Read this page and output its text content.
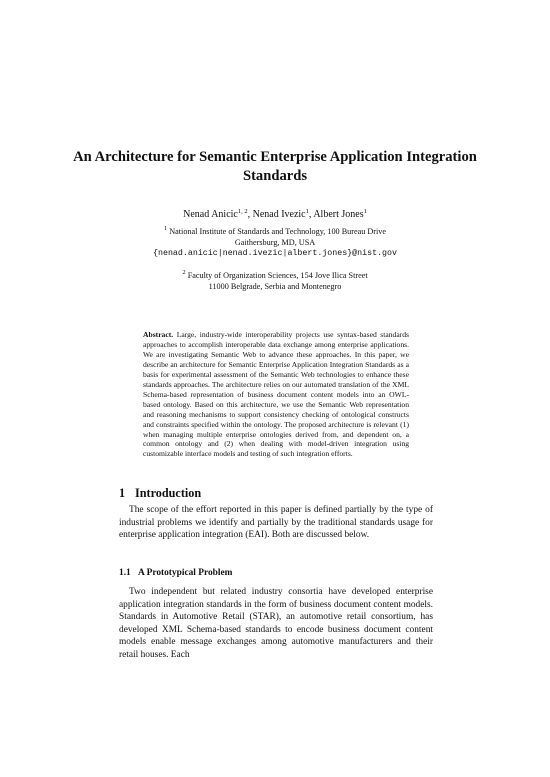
An Architecture for Semantic Enterprise Application Integration Standards
Nenad Anicic$^{1, 2}$, Nenad Ivezic$^1$, Albert Jones$^1$
$^1$ National Institute of Standards and Technology, 100 Bureau Drive
Gaithersburg, MD, USA
{nenad.anicic|nenad.ivezic|albert.jones}@nist.gov
$^2$ Faculty of Organization Sciences, 154 Jove Ilica Street
11000 Belgrade, Serbia and Montenegro
Abstract. Large, industry-wide interoperability projects use syntax-based standards approaches to accomplish interoperable data exchange among enterprise applications. We are investigating Semantic Web to advance these approaches. In this paper, we describe an architecture for Semantic Enterprise Application Integration Standards as a basis for experimental assessment of the Semantic Web technologies to enhance these standards approaches. The architecture relies on our automated translation of the XML Schema-based representation of business document content models into an OWL-based ontology. Based on this architecture, we use the Semantic Web representation and reasoning mechanisms to support consistency checking of ontological constructs and constraints specified within the ontology. The proposed architecture is relevant (1) when managing multiple enterprise ontologies derived from, and dependent on, a common ontology and (2) when dealing with model-driven integration using customizable interface models and testing of such integration efforts.
1 Introduction
The scope of the effort reported in this paper is defined partially by the type of industrial problems we identify and partially by the traditional standards usage for enterprise application integration (EAI). Both are discussed below.
1.1 A Prototypical Problem
Two independent but related industry consortia have developed enterprise application integration standards in the form of business document content models. Standards in Automotive Retail (STAR), an automotive retail consortium, has developed XML Schema-based standards to encode business document content models enable message exchanges among automotive manufacturers and their retail houses. Each
